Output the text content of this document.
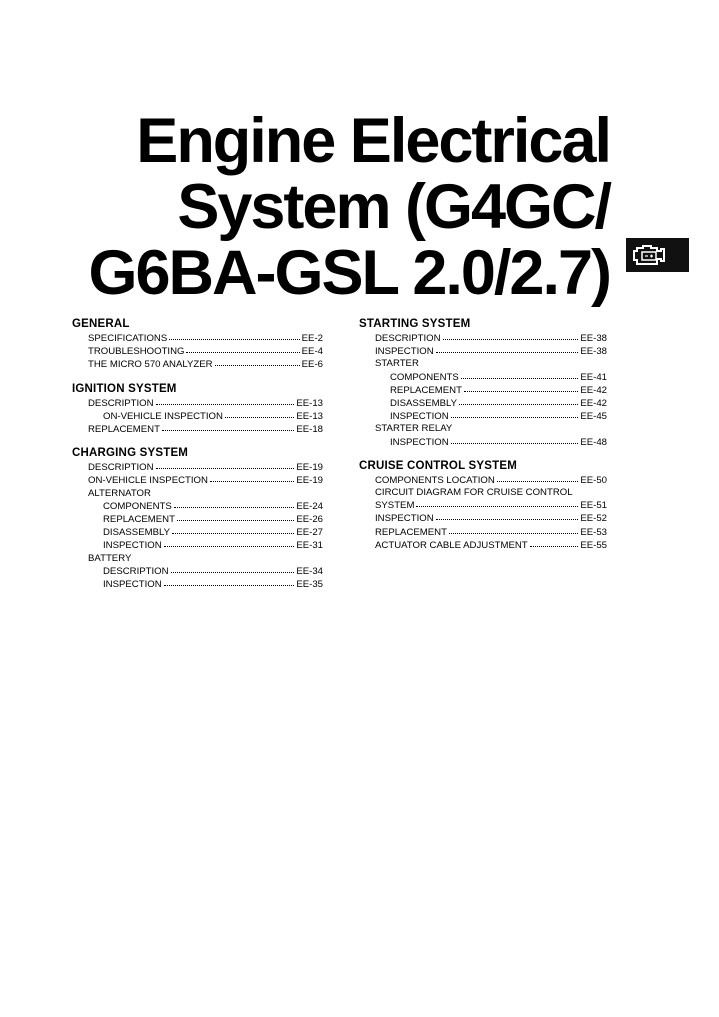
Engine Electrical
System (G4GC/
G6BA-GSL 2.0/2.7)
GENERAL
SPECIFICATIONS	EE-2
TROUBLESHOOTING	EE-4
THE MICRO 570 ANALYZER	EE-6
IGNITION SYSTEM
DESCRIPTION	EE-13
ON-VEHICLE INSPECTION	EE-13
REPLACEMENT	EE-18
CHARGING SYSTEM
DESCRIPTION	EE-19
ON-VEHICLE INSPECTION	EE-19
ALTERNATOR
COMPONENTS	EE-24
REPLACEMENT	EE-26
DISASSEMBLY	EE-27
INSPECTION	EE-31
BATTERY
DESCRIPTION	EE-34
INSPECTION	EE-35
STARTING SYSTEM
DESCRIPTION	EE-38
INSPECTION	EE-38
STARTER
COMPONENTS	EE-41
REPLACEMENT	EE-42
DISASSEMBLY	EE-42
INSPECTION	EE-45
STARTER RELAY
INSPECTION	EE-48
CRUISE CONTROL SYSTEM
COMPONENTS LOCATION	EE-50
CIRCUIT DIAGRAM FOR CRUISE CONTROL
SYSTEM	EE-51
INSPECTION	EE-52
REPLACEMENT	EE-53
ACTUATOR CABLE ADJUSTMENT	EE-55
